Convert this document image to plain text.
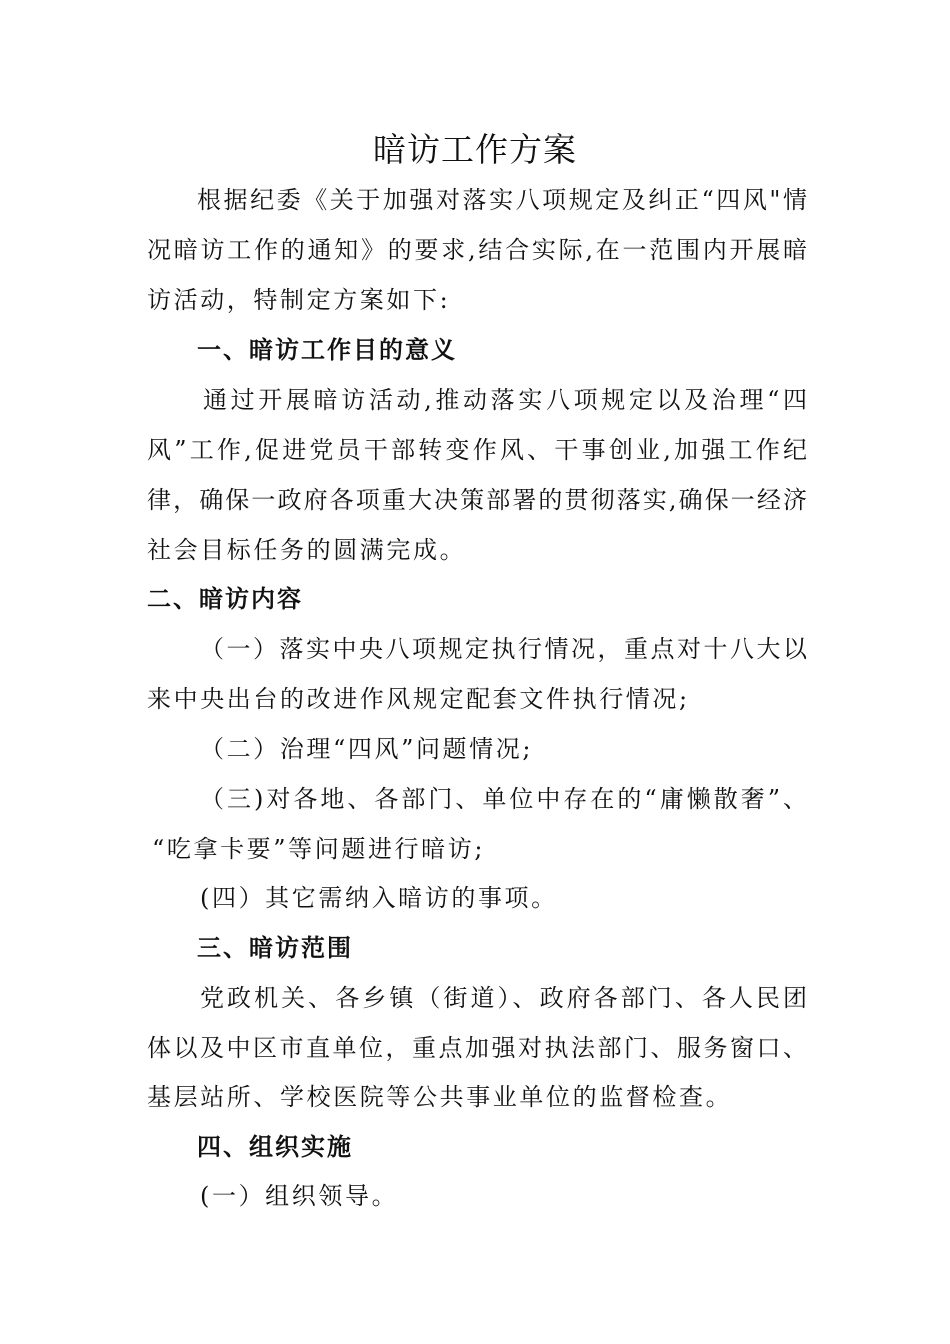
暗访工作方案
根据纪委《关于加强对落实八项规定及纠正“四风"情
况暗访工作的通知》的要求,结合实际,在一范围内开展暗
访活动，特制定方案如下:
一、暗访工作目的意义
通过开展暗访活动,推动落实八项规定以及治理“四
风”工作,促进党员干部转变作风、干事创业,加强工作纪
律，确保一政府各项重大决策部署的贯彻落实,确保一经济
社会目标任务的圆满完成。
二、暗访内容
（一）落实中央八项规定执行情况，重点对十八大以
来中央出台的改进作风规定配套文件执行情况;
（二）治理“四风”问题情况;
（三)对各地、各部门、单位中存在的“庸懒散奢”、
“吃拿卡要”等问题进行暗访;
(四）其它需纳入暗访的事项。
三、暗访范围
党政机关、各乡镇（街道）、政府各部门、各人民团
体以及中区市直单位，重点加强对执法部门、服务窗口、
基层站所、学校医院等公共事业单位的监督检查。
四、组织实施
(一）组织领导。
